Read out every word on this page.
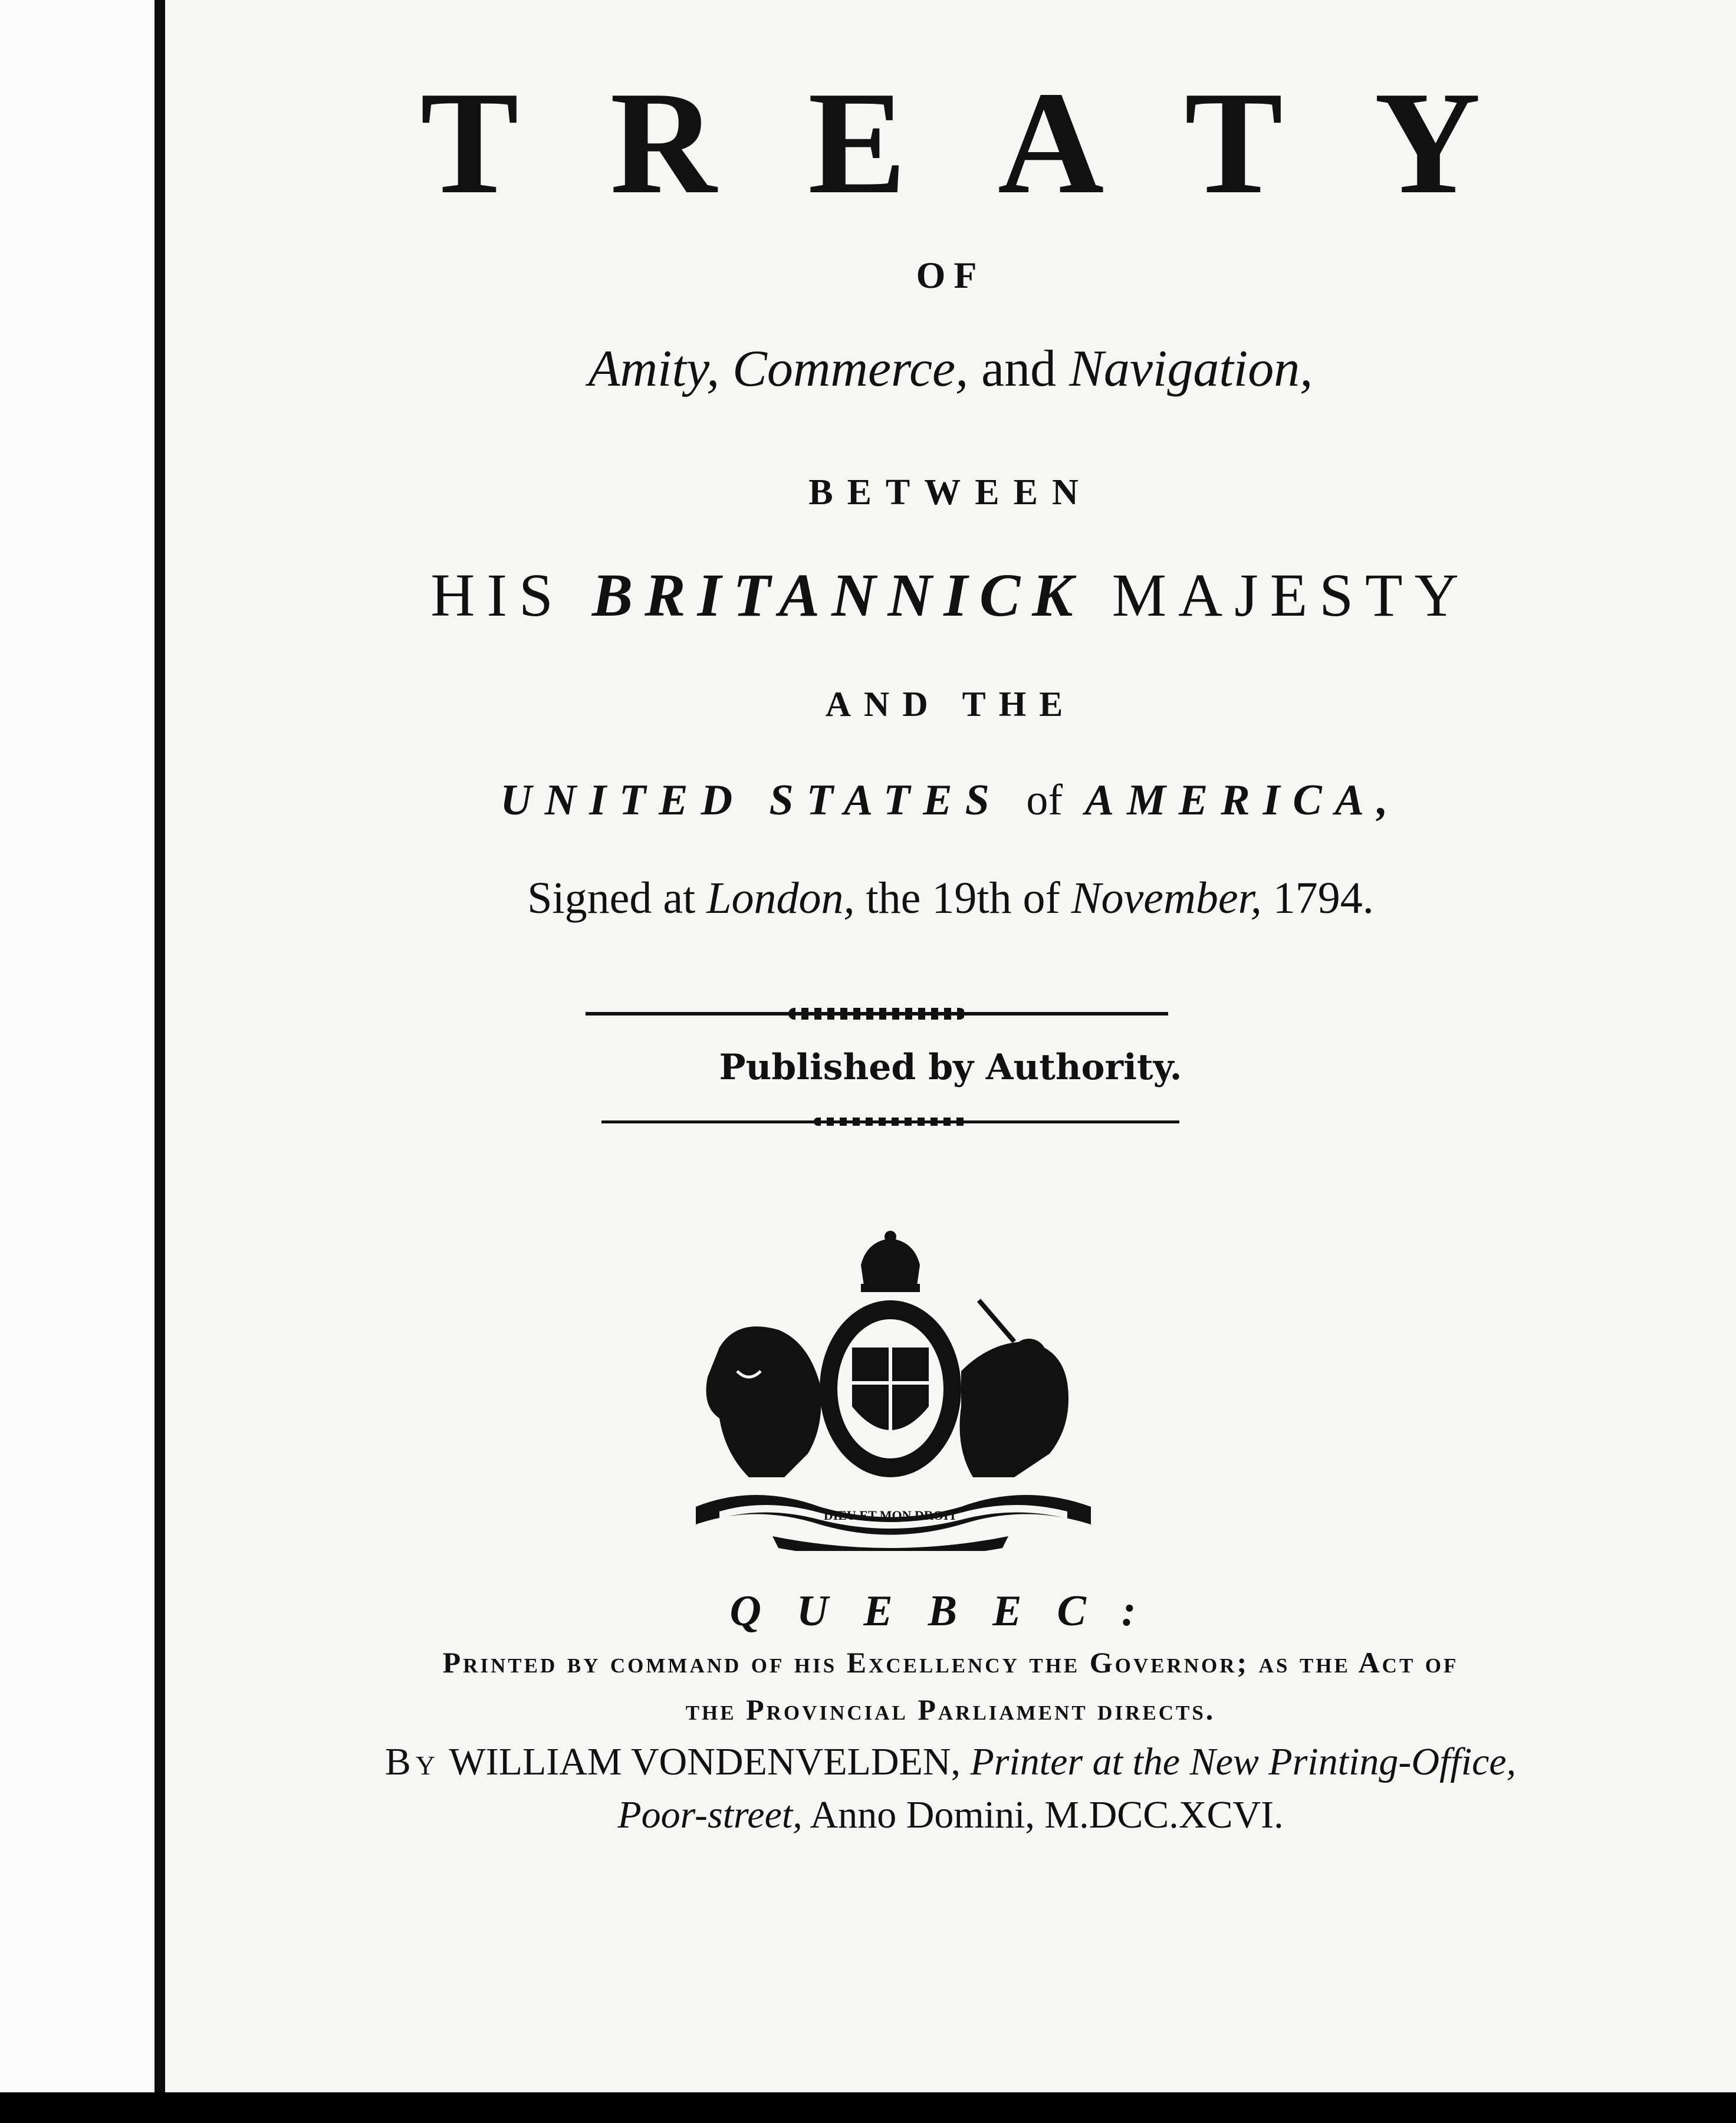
TREATY
OF
Amity, Commerce, and Navigation,
BETWEEN
HIS BRITANNICK MAJESTY
AND THE
UNITED STATES of AMERICA,
Signed at London, the 19th of November, 1794.
Published by Authority.
DIEU ET MON DROIT
QUEBEC:
Printed by command of his Excellency the Governor; as the Act of
the Provincial Parliament directs.
By WILLIAM VONDENVELDEN, Printer at the New Printing-Office,
Poor-street, Anno Domini, M.DCC.XCVI.
